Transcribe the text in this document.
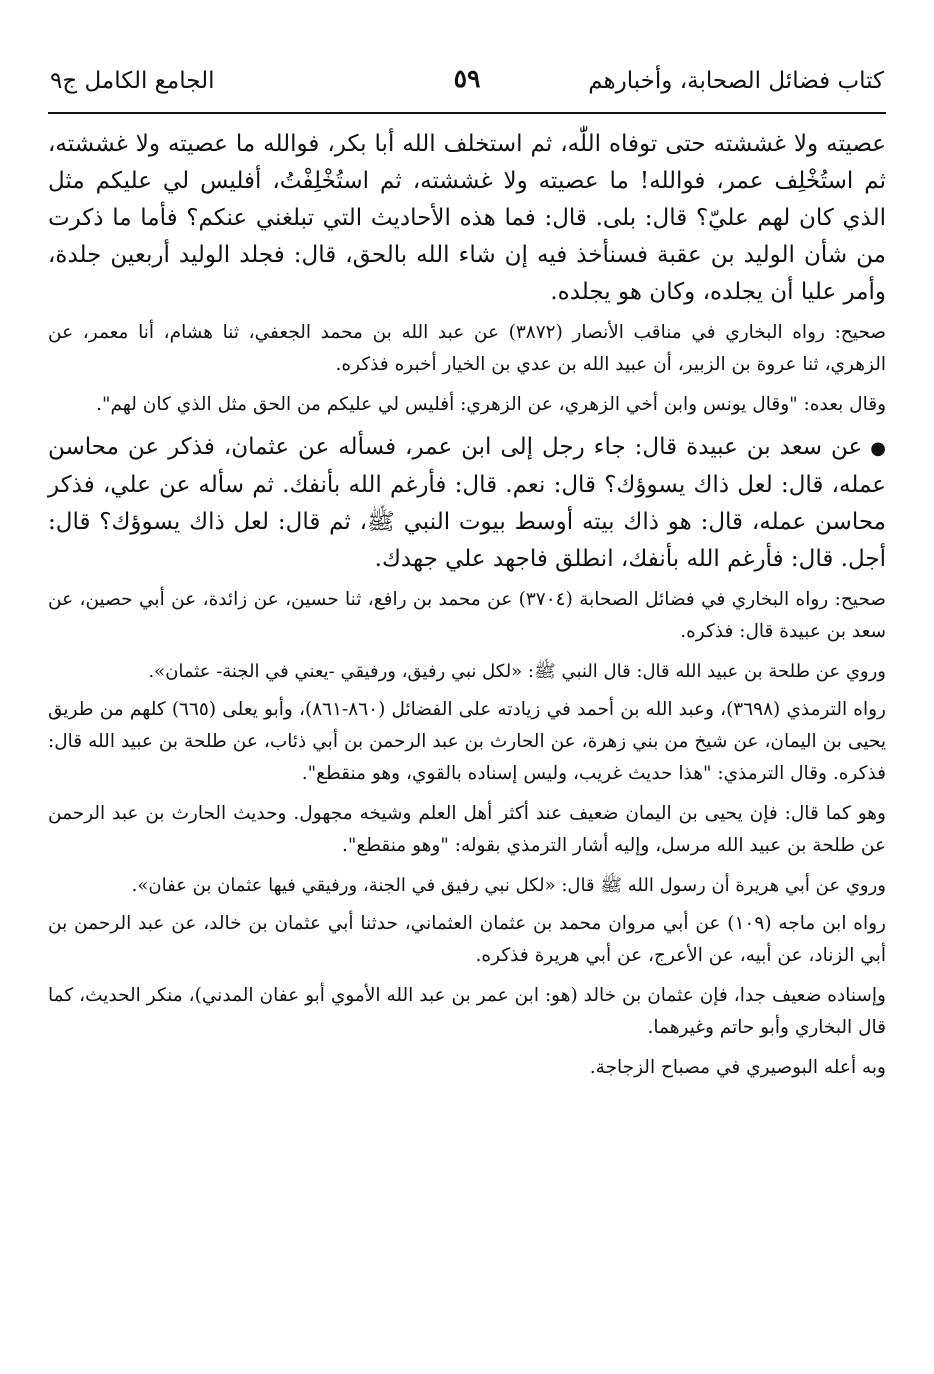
كتاب فضائل الصحابة، وأخبارهم
٥٩
الجامع الكامل ج٩

عصيته ولا غششته حتى توفاه اللّٰه، ثم استخلف الله أبا بكر، فوالله ما عصيته ولا غششته، ثم استُخْلِف عمر، فوالله! ما عصيته ولا غششته، ثم استُخْلِفْتُ، أفليس لي عليكم مثل الذي كان لهم عليّ؟ قال: بلى. قال: فما هذه الأحاديث التي تبلغني عنكم؟ فأما ما ذكرت من شأن الوليد بن عقبة فسنأخذ فيه إن شاء الله بالحق، قال: فجلد الوليد أربعين جلدة، وأمر عليا أن يجلده، وكان هو يجلده.

صحيح: رواه البخاري في مناقب الأنصار (٣٨٧٢) عن عبد الله بن محمد الجعفي، ثنا هشام، أنا معمر، عن الزهري، ثنا عروة بن الزبير، أن عبيد الله بن عدي بن الخيار أخبره فذكره.

وقال بعده: "وقال يونس وابن أخي الزهري، عن الزهري: أفليس لي عليكم من الحق مثل الذي كان لهم".

●عن سعد بن عبيدة قال: جاء رجل إلى ابن عمر، فسأله عن عثمان، فذكر عن محاسن عمله، قال: لعل ذاك يسوؤك؟ قال: نعم. قال: فأرغم الله بأنفك. ثم سأله عن علي، فذكر محاسن عمله، قال: هو ذاك بيته أوسط بيوت النبي ﷺ، ثم قال: لعل ذاك يسوؤك؟ قال: أجل. قال: فأرغم الله بأنفك، انطلق فاجهد علي جهدك.

صحيح: رواه البخاري في فضائل الصحابة (٣٧٠٤) عن محمد بن رافع، ثنا حسين، عن زائدة، عن أبي حصين، عن سعد بن عبيدة قال: فذكره.

وروي عن طلحة بن عبيد الله قال: قال النبي ﷺ: «لكل نبي رفيق، ورفيقي -يعني في الجنة- عثمان».

رواه الترمذي (٣٦٩٨)، وعبد الله بن أحمد في زيادته على الفضائل (٨٦٠-٨٦١)، وأبو يعلى (٦٦٥) كلهم من طريق يحيى بن اليمان، عن شيخ من بني زهرة، عن الحارث بن عبد الرحمن بن أبي ذئاب، عن طلحة بن عبيد الله قال: فذكره. وقال الترمذي: "هذا حديث غريب، وليس إسناده بالقوي، وهو منقطع".

وهو كما قال: فإن يحيى بن اليمان ضعيف عند أكثر أهل العلم وشيخه مجهول. وحديث الحارث بن عبد الرحمن عن طلحة بن عبيد الله مرسل، وإليه أشار الترمذي بقوله: "وهو منقطع".

وروي عن أبي هريرة أن رسول الله ﷺ قال: «لكل نبي رفيق في الجنة، ورفيقي فيها عثمان بن عفان».

رواه ابن ماجه (١٠٩) عن أبي مروان محمد بن عثمان العثماني، حدثنا أبي عثمان بن خالد، عن عبد الرحمن بن أبي الزناد، عن أبيه، عن الأعرج، عن أبي هريرة فذكره.

وإسناده ضعيف جدا، فإن عثمان بن خالد (هو: ابن عمر بن عبد الله الأموي أبو عفان المدني)، منكر الحديث، كما قال البخاري وأبو حاتم وغيرهما.

وبه أعله البوصيري في مصباح الزجاجة.
